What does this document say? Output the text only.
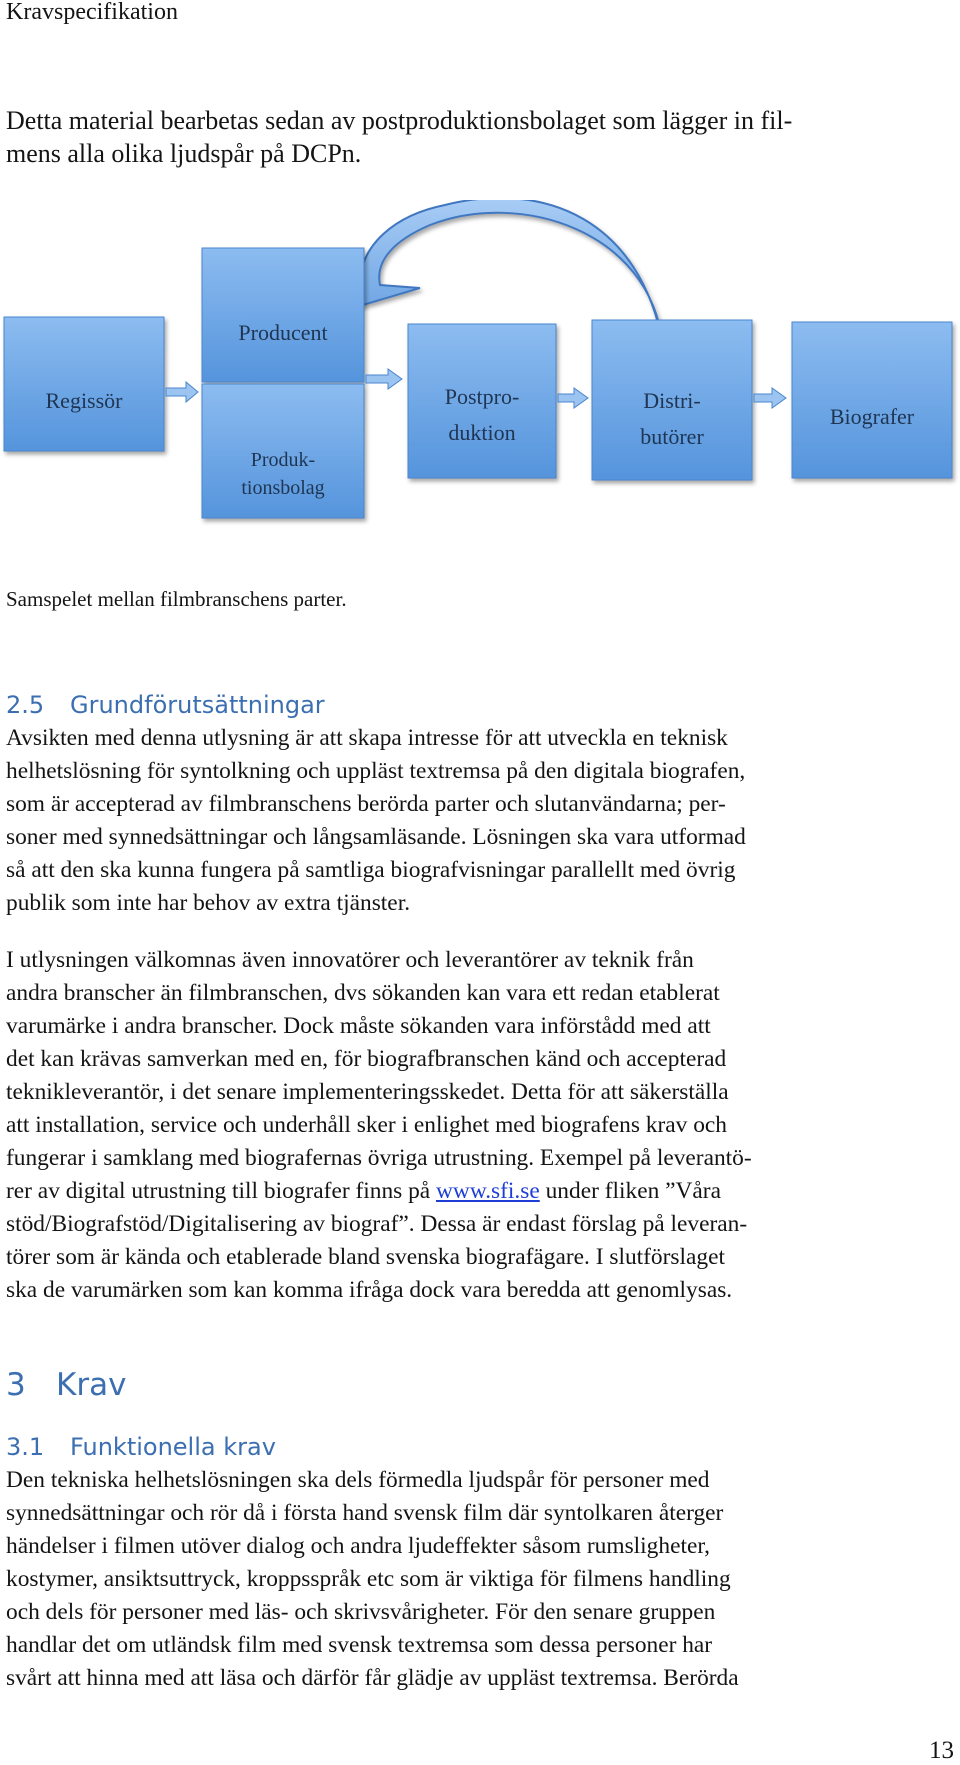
Kravspecifikation
Detta material bearbetas sedan av postproduktionsbolaget som lägger in fil-
mens alla olika ljudspår på DCPn.
Regissör
Producent
Produk-
tionsbolag
Postpro-
duktion
Distri-
butörer
Biografer
Samspelet mellan filmbranschens parter.
2.5 Grundförutsättningar
Avsikten med denna utlysning är att skapa intresse för att utveckla en teknisk
helhetslösning för syntolkning och uppläst textremsa på den digitala biografen,
som är accepterad av filmbranschens berörda parter och slutanvändarna; per-
soner med synnedsättningar och långsamläsande. Lösningen ska vara utformad
så att den ska kunna fungera på samtliga biografvisningar parallellt med övrig
publik som inte har behov av extra tjänster.
I utlysningen välkomnas även innovatörer och leverantörer av teknik från
andra branscher än filmbranschen, dvs sökanden kan vara ett redan etablerat
varumärke i andra branscher. Dock måste sökanden vara införstådd med att
det kan krävas samverkan med en, för biografbranschen känd och accepterad
teknikleverantör, i det senare implementeringsskedet. Detta för att säkerställa
att installation, service och underhåll sker i enlighet med biografens krav och
fungerar i samklang med biografernas övriga utrustning. Exempel på leverantö-
rer av digital utrustning till biografer finns på www.sfi.se under fliken ”Våra
stöd/Biografstöd/Digitalisering av biograf”. Dessa är endast förslag på leveran-
törer som är kända och etablerade bland svenska biografägare. I slutförslaget
ska de varumärken som kan komma ifråga dock vara beredda att genomlysas.
3 Krav
3.1 Funktionella krav
Den tekniska helhetslösningen ska dels förmedla ljudspår för personer med
synnedsättningar och rör då i första hand svensk film där syntolkaren återger
händelser i filmen utöver dialog och andra ljudeffekter såsom rumsligheter,
kostymer, ansiktsuttryck, kroppsspråk etc som är viktiga för filmens handling
och dels för personer med läs- och skrivsvårigheter. För den senare gruppen
handlar det om utländsk film med svensk textremsa som dessa personer har
svårt att hinna med att läsa och därför får glädje av uppläst textremsa. Berörda
13
